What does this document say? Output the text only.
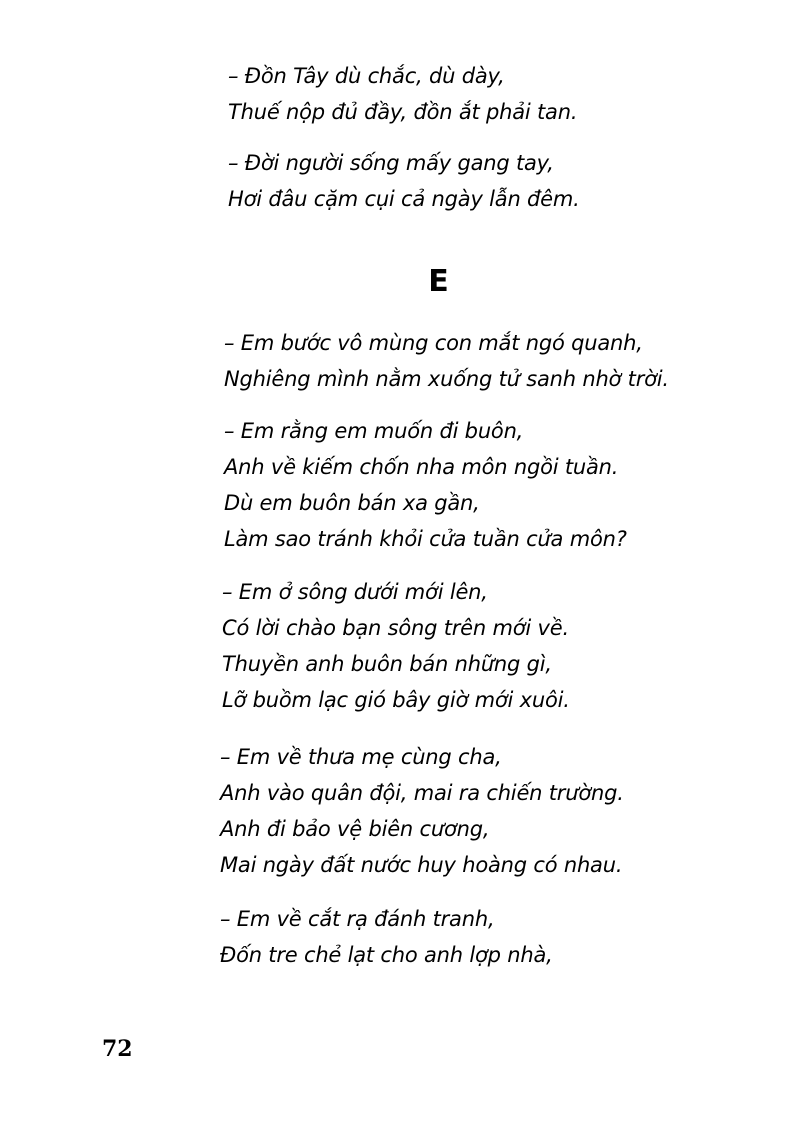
– Đồn Tây dù chắc, dù dày,
Thuế nộp đủ đầy, đồn ắt phải tan.
– Đời người sống mấy gang tay,
Hơi đâu cặm cụi cả ngày lẫn đêm.
E
– Em bước vô mùng con mắt ngó quanh,
Nghiêng mình nằm xuống tử sanh nhờ trời.
– Em rằng em muốn đi buôn,
Anh về kiếm chốn nha môn ngồi tuần.
Dù em buôn bán xa gần,
Làm sao tránh khỏi cửa tuần cửa môn?
– Em ở sông dưới mới lên,
Có lời chào bạn sông trên mới về.
Thuyền anh buôn bán những gì,
Lỡ buồm lạc gió bây giờ mới xuôi.
– Em về thưa mẹ cùng cha,
Anh vào quân đội, mai ra chiến trường.
Anh đi bảo vệ biên cương,
Mai ngày đất nước huy hoàng có nhau.
– Em về cắt rạ đánh tranh,
Đốn tre chẻ lạt cho anh lợp nhà,
72
